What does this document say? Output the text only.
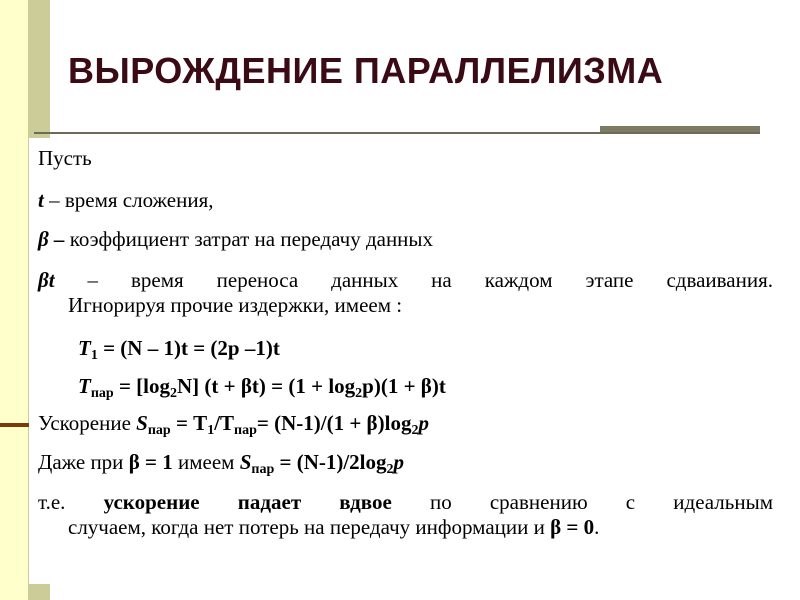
ВЫРОЖДЕНИЕ ПАРАЛЛЕЛИЗМА

Пусть

t – время сложения,

β – коэффициент затрат на передачу данных

βt – время переноса данных на каждом этапе сдваивания.
Игнорируя прочие издержки, имеем :

$T_1 = (N - 1)t = (2p$ –1)t

$T_{пар} = [\log_2N] (t + \beta t) = (1 + \log_2p)(1 + \beta)t$

Ускорение $S_{пар} = T_1/T_{пар}= (N-1)/(1 + \beta)\log_2p$

Даже при β = 1 имеем $S_{пар} = (N-1)/2\log_2p$

т.е. ускорение падает вдвое по сравнению с идеальным
случаем, когда нет потерь на передачу информации и β = 0.
